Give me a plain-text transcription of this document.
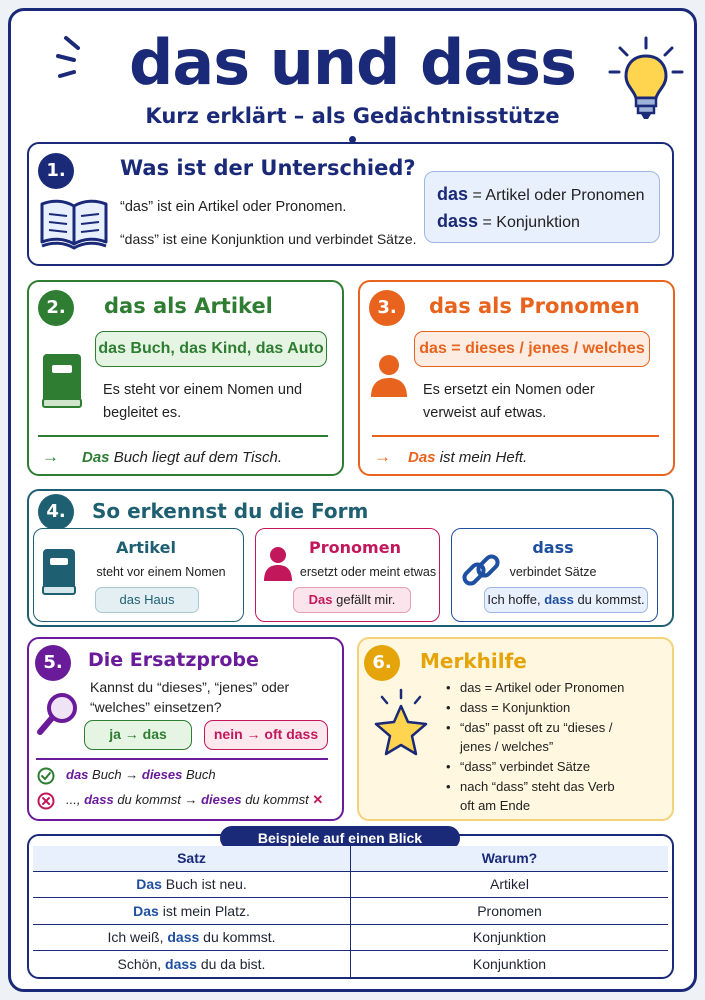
das und dass
Kurz erklärt – als Gedächtnisstütze
1.	Was ist der Unterschied?
“das” ist ein Artikel oder Pronomen.
“dass” ist eine Konjunktion und verbindet Sätze.
das = Artikel oder Pronomen
dass = Konjunktion
2.	das als Artikel
das Buch, das Kind, das Auto
Es steht vor einem Nomen und
begleitet es.
→ Das Buch liegt auf dem Tisch.
3.	das als Pronomen
das = dieses / jenes / welches
Es ersetzt ein Nomen oder
verweist auf etwas.
→ Das ist mein Heft.
4.	So erkennst du die Form
Artikel
steht vor einem Nomen
das Haus
Pronomen
ersetzt oder meint etwas
Das gefällt mir.
dass
verbindet Sätze
Ich hoffe, dass du kommst.
5.	Die Ersatzprobe
Kannst du “dieses”, “jenes” oder
“welches” einsetzen?
ja → das	nein → oft dass
das Buch → dieses Buch
..., dass du kommst → dieses du kommst ✕
6.	Merkhilfe
• das = Artikel oder Pronomen
• dass = Konjunktion
• “das” passt oft zu “dieses /
jenes / welches”
• “dass” verbindet Sätze
• nach “dass” steht das Verb
oft am Ende
Beispiele auf einen Blick
Satz	Warum?
Das Buch ist neu.	Artikel
Das ist mein Platz.	Pronomen
Ich weiß, dass du kommst.	Konjunktion
Schön, dass du da bist.	Konjunktion
